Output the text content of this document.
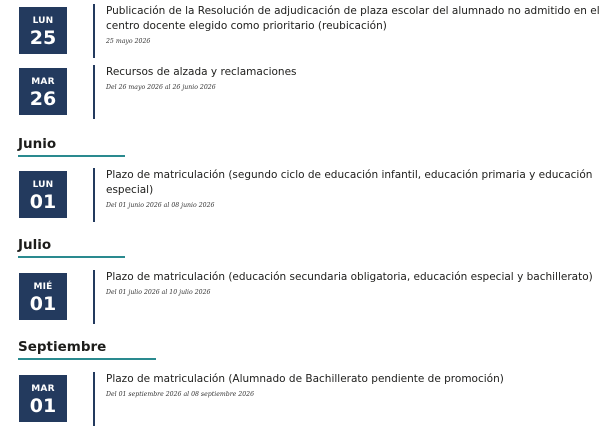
LUN
25
Publicación de la Resolución de adjudicación de plaza escolar del alumnado no admitido en el centro docente elegido como prioritario (reubicación)
25 mayo 2026
MAR
26
Recursos de alzada y reclamaciones
Del 26 mayo 2026 al 26 junio 2026
Junio
LUN
01
Plazo de matriculación (segundo ciclo de educación infantil, educación primaria y educación especial)
Del 01 junio 2026 al 08 junio 2026
Julio
MIÉ
01
Plazo de matriculación (educación secundaria obligatoria, educación especial y bachillerato)
Del 01 julio 2026 al 10 julio 2026
Septiembre
MAR
01
Plazo de matriculación (Alumnado de Bachillerato pendiente de promoción)
Del 01 septiembre 2026 al 08 septiembre 2026
